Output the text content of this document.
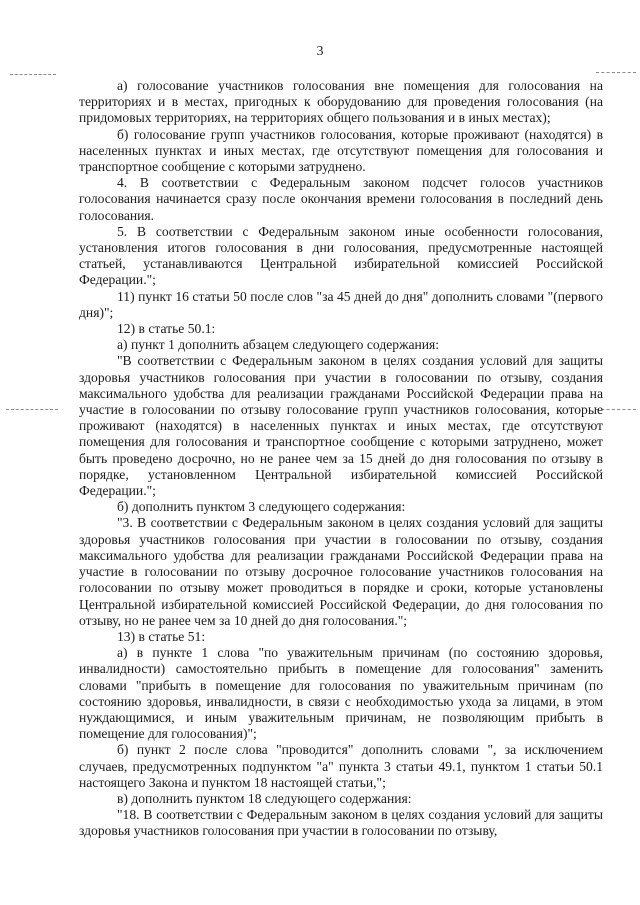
3

а) голосование участников голосования вне помещения для голосования на территориях и в местах, пригодных к оборудованию для проведения голосования (на придомовых территориях, на территориях общего пользования и в иных местах);

б) голосование групп участников голосования, которые проживают (находятся) в населенных пунктах и иных местах, где отсутствуют помещения для голосования и транспортное сообщение с которыми затруднено.

4. В соответствии с Федеральным законом подсчет голосов участников голосования начинается сразу после окончания времени голосования в последний день голосования.

5. В соответствии с Федеральным законом иные особенности голосования, установления итогов голосования в дни голосования, предусмотренные настоящей статьей, устанавливаются Центральной избирательной комиссией Российской Федерации.";

11) пункт 16 статьи 50 после слов "за 45 дней до дня" дополнить словами "(первого дня)";

12) в статье 50.1:

а) пункт 1 дополнить абзацем следующего содержания:

"В соответствии с Федеральным законом в целях создания условий для защиты здоровья участников голосования при участии в голосовании по отзыву, создания максимального удобства для реализации гражданами Российской Федерации права на участие в голосовании по отзыву голосование групп участников голосования, которые проживают (находятся) в населенных пунктах и иных местах, где отсутствуют помещения для голосования и транспортное сообщение с которыми затруднено, может быть проведено досрочно, но не ранее чем за 15 дней до дня голосования по отзыву в порядке, установленном Центральной избирательной комиссией Российской Федерации.";

б) дополнить пунктом 3 следующего содержания:

"3. В соответствии с Федеральным законом в целях создания условий для защиты здоровья участников голосования при участии в голосовании по отзыву, создания максимального удобства для реализации гражданами Российской Федерации права на участие в голосовании по отзыву досрочное голосование участников голосования на голосовании по отзыву может проводиться в порядке и сроки, которые установлены Центральной избирательной комиссией Российской Федерации, до дня голосования по отзыву, но не ранее чем за 10 дней до дня голосования.";

13) в статье 51:

а) в пункте 1 слова "по уважительным причинам (по состоянию здоровья, инвалидности) самостоятельно прибыть в помещение для голосования" заменить словами "прибыть в помещение для голосования по уважительным причинам (по состоянию здоровья, инвалидности, в связи с необходимостью ухода за лицами, в этом нуждающимися, и иным уважительным причинам, не позволяющим прибыть в помещение для голосования)";

б) пункт 2 после слова "проводится" дополнить словами ", за исключением случаев, предусмотренных подпунктом "а" пункта 3 статьи 49.1, пунктом 1 статьи 50.1 настоящего Закона и пунктом 18 настоящей статьи,";

в) дополнить пунктом 18 следующего содержания:

"18. В соответствии с Федеральным законом в целях создания условий для защиты здоровья участников голосования при участии в голосовании по отзыву,
